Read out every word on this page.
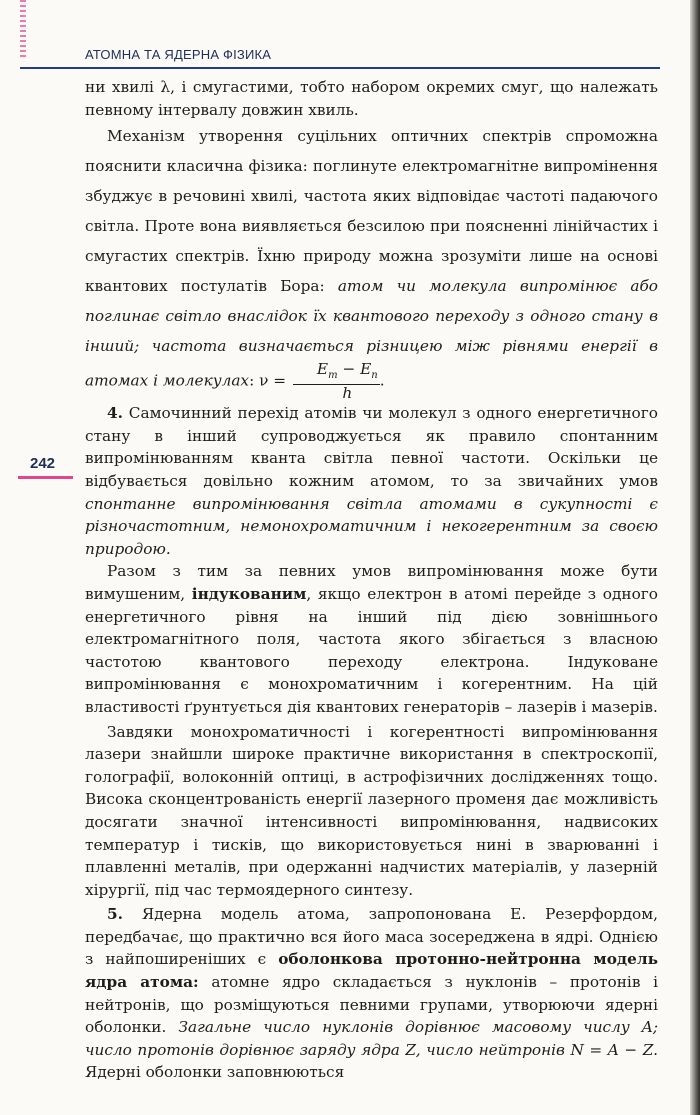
АТОМНА ТА ЯДЕРНА ФІЗИКА
242

ни хвилі λ, і смугастими, тобто набором окремих смуг, що належать певному інтервалу довжин хвиль.

Механізм утворення суцільних оптичних спектрів спроможна пояснити класична фізика: поглинуте електромагнітне випромінення збуджує в речовині хвилі, частота яких відповідає частоті падаючого світла. Проте вона виявляється безсилою при поясненні лінійчастих і смугастих спектрів. Їхню природу можна зрозуміти лише на основі квантових постулатів Бора: атом чи молекула випромінює або поглинає світло внаслідок їх квантового переходу з одного стану в інший; частота визначається різницею між рівнями енергії в атомах і молекулах: $\nu = \frac{E_m - E_n}{h}$ .

4. Самочинний перехід атомів чи молекул з одного енергетичного стану в інший супроводжується як правило спонтанним випромінюванням кванта світла певної частоти. Оскільки це відбувається довільно кожним атомом, то за звичайних умов спонтанне випромінювання світла атомами в сукупності є різночастотним, немонохроматичним і некогерентним за своєю природою.

Разом з тим за певних умов випромінювання може бути вимушеним, індукованим, якщо електрон в атомі перейде з одного енергетичного рівня на інший під дією зовнішнього електромагнітного поля, частота якого збігається з власною частотою квантового переходу електрона. Індуковане випромінювання є монохроматичним і когерентним. На цій властивості ґрунтується дія квантових генераторів – лазерів і мазерів.

Завдяки монохроматичності і когерентності випромінювання лазери знайшли широке практичне використання в спектроскопії, голографії, волоконній оптиці, в астрофізичних дослідженнях тощо. Висока сконцентрованість енергії лазерного променя дає можливість досягати значної інтенсивності випромінювання, надвисоких температур і тисків, що використовується нині в зварюванні і плавленні металів, при одержанні надчистих матеріалів, у лазерній хірургії, під час термоядерного синтезу.

5. Ядерна модель атома, запропонована Е. Резерфордом, передбачає, що практично вся його маса зосереджена в ядрі. Однією з найпоширеніших є оболонкова протонно-нейтронна модель ядра атома: атомне ядро складається з нуклонів – протонів і нейтронів, що розміщуються певними групами, утворюючи ядерні оболонки. Загальне число нуклонів дорівнює масовому числу A; число протонів дорівнює заряду ядра Z, число нейтронів N = A − Z. Ядерні оболонки заповнюються
